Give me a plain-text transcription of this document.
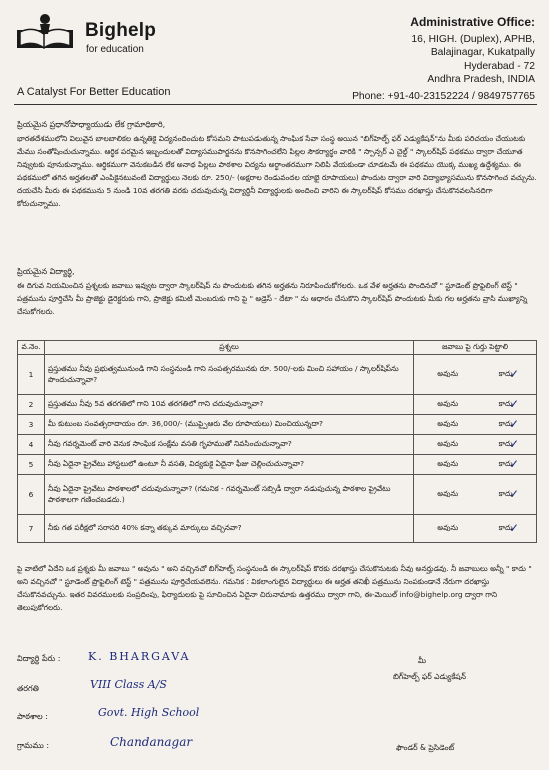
Bighelp
for education
A Catalyst For Better Education
Administrative Office:
16, HIGH. (Duplex), APHB,
Balajinagar, Kukatpally
Hyderabad - 72
Andhra Pradesh, INDIA
Phone: +91-40-23152224 / 9849757765
ప్రియమైన ప్రధానోపాధ్యాయుడు లేక గ్రామాధికారి,
భారతదేశములోని విలువైన బాలబాలికల ఉన్నతికై విద్యనందించుట కోసమని పాటుపడుతున్న సాంఘిక సేవా సంస్థ అయిన "బిగ్‌హెల్ఫ్ ఫర్ ఎడ్యుకేషన్"ను మీకు పరిచయం చేయుటకు మేము సంతోషించుచున్నాము. ఆర్థిక పరమైన ఇబ్బందులతో విద్యాసముపార్జనను కొనసాగించలేని పిల్లల సౌకర్యార్థం వారికి " స్పాన్సర్ ఎ చైల్డ్ " స్కాలర్‌షిప్ పథకము ద్వారా చేయూత నివ్వుటకు పూనుకున్నాము. ఆర్థికముగా వెనుకబడిన లేక అనాథ పిల్లలు పాఠశాల విద్యను అర్థాంతరముగా నిలిపి వేయకుండా చూడటమే ఈ పథకము యొక్క ముఖ్య ఉద్దేశ్యము. ఈ పథకములో తగిన అర్హతలతో ఎంపికైనటువంటి విద్యార్థులు నెలకు రూ. 250/- (అక్షరాల రెండువందల యాభై రూపాయలు) పొందుట ద్వారా వారి విద్యాభ్యాసమును కొనసాగించ వచ్చును. దయచేసి మీరు ఈ పథకమును 5 నుండి 10వ తరగతి వరకు చదువుచున్న విద్యార్థినీ విద్యార్థులకు అందించి వారిని ఈ స్కాలర్‌షిప్ కోసము దరఖాస్తు చేసుకొనవలసినదిగా కోరుచున్నాము.
ప్రియమైన విద్యార్థి,
ఈ దిగువ నియమించిన ప్రశ్నలకు జవాబు ఇవ్వుట ద్వారా స్కాలర్‌షిప్ ను పొందుటకు తగిన అర్హతను నిరూపించుకోగలరు. ఒక వేళ అర్హతను పొందినచో " స్టూడెంట్ ప్రొఫైలింగ్ టెస్ట్ " పత్రమును పూర్తిచేసి మీ ప్రాజెక్టు డైరెక్టరుకు గాని, ప్రాజెక్టు కమిటీ మెంబరుకు గాని పై " అడ్రెస్ - దేటా " ను ఆధారం చేసుకొని స్కాలర్‌షిప్ పొందుటకు మీకు గల అర్హతను వ్రాసి ముఖ్యాన్ని చేసుకోగలరు.
వ.నెం.	ప్రశ్నలు	జవాబు పై గుర్తు పెట్టాలి
1	ప్రస్తుతము నీవు ప్రభుత్వమునుండి గాని సంస్థనుండి గాని సంపత్సరమునకు రూ. 500/-లకు మించి సహాయం / స్కాలర్‌షిప్‌ను పొందుచున్నావా?	అవును కాదు
✓

2	ప్రస్తుతము నీవు 5వ తరగతిలో గాని 10వ తరగతిలో గాని చదువుచున్నావా?	అవును కాదు
✓

3	మీ కుటుంబ సంవత్సరాదాయం రూ. 36,000/- (ముప్పైఆరు వేల రూపాయలు) మించియున్నదా?	అవును కాదు
✓

4	నీవు గవర్నమెంట్ వారి వెనుక సాంఘిక సంక్షేమ వసతి గృహముతో నివసించుచున్నావా?	అవును కాదు
✓

5	నీవు ఏదైనా ప్రైవేటు హాస్టలులో ఉంటూ నీ వసతి, విద్యకుకై ఏదైనా ఫీజు చెల్లించుచున్నావా?	అవును కాదు
✓

6	నీవు ఏదైనా ప్రైవేటు పాఠశాలలో చదువుచున్నావా? (గమనిక - గవర్నమెంట్ సబ్సిడీ ద్వారా నడుపుచున్న పాఠశాల ప్రైవేటు పాఠశాలగా గణించబడదు.)	అవును కాదు
✓

7	నీకు గత పరీక్షలో సరాసరి 40% కన్నా తక్కువ మార్కులు వచ్చినవా?	అవును కాదు
✓
పై వాటిలో ఏదేని ఒక ప్రశ్నకు మీ జవాబు " అవును " అని వచ్చినచో బిగ్‌హెల్ఫ్ సంస్థనుండి ఈ స్కాలర్‌షిప్ కొరకు దరఖాస్తు చేసుకొనుటకు నీవు అనర్హుడవు. నీ జవాబులు అన్నీ " కాదు " అని వచ్చినచో " స్టూడెంట్ ప్రొఫైలింగ్ టెస్ట్ " పత్రమును పూర్తిచేయవలెను. గమనిక : వికలాంగులైన విద్యార్థులు ఈ అర్హత తనిఖీ పత్రమును నింపకుండానే నేరుగా దరఖాస్తు చేసుకొనవచ్చును. ఇతర వివరములకు సంప్రదింపు, ఫిర్యాదులకు పై సూచించిన ఏదైనా చిరునామాకు ఉత్తరము ద్వారా గాని, ఈ-మెయిల్ info@bighelp.org ద్వారా గాని తెలుపుకోగలరు.
విద్యార్థి పేరు :	K. BHARGAVA
తరగతి	VIII Class A/S
పాఠశాల :	Govt. High School
గ్రామము :	Chandanagar
మీ
బిగ్‌హెల్ప్ ఫర్ ఎడ్యుకేషన్
ఫౌండర్ & ప్రెసిడెంట్
